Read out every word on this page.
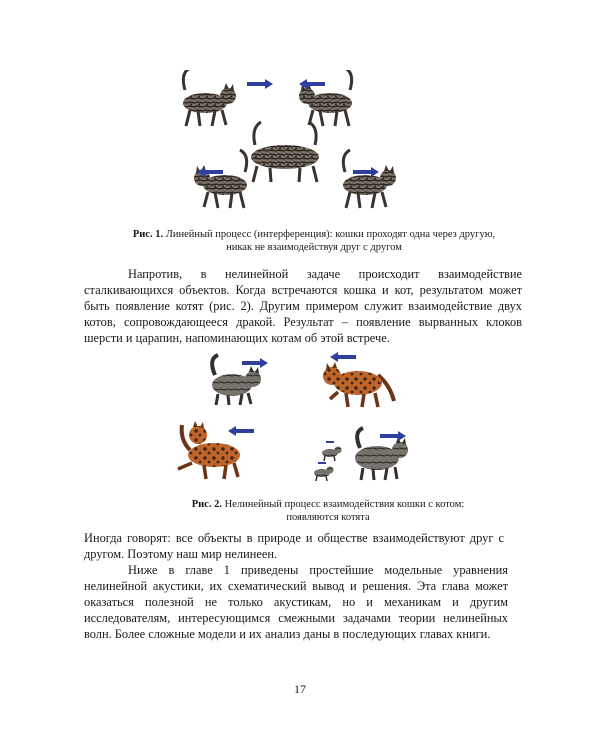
Рис. 1. Линейный процесс (интерференция): кошки проходят одна через другую, никак не взаимодействуя друг с другом
Напротив, в нелинейной задаче происходит взаимодействие сталкивающихся объектов. Когда встречаются кошка и кот, результатом может быть появление котят (рис. 2). Другим примером служит взаимодействие двух котов, сопровождающееся дракой. Результат – появление вырванных клоков шерсти и царапин, напоминающих котам об этой встрече.
Рис. 2. Нелинейный процесс взаимодействия кошки с котом: появляются котята
Иногда говорят: все объекты в природе и обществе взаимодействуют друг с другом. Поэтому наш мир нелинеен.
Ниже в главе 1 приведены простейшие модельные уравнения нелинейной акустики, их схематический вывод и решения. Эта глава может оказаться полезной не только акустикам, но и механикам и другим исследователям, интересующимся смежными задачами теории нелинейных волн. Более сложные модели и их анализ даны в последующих главах книги.
17
